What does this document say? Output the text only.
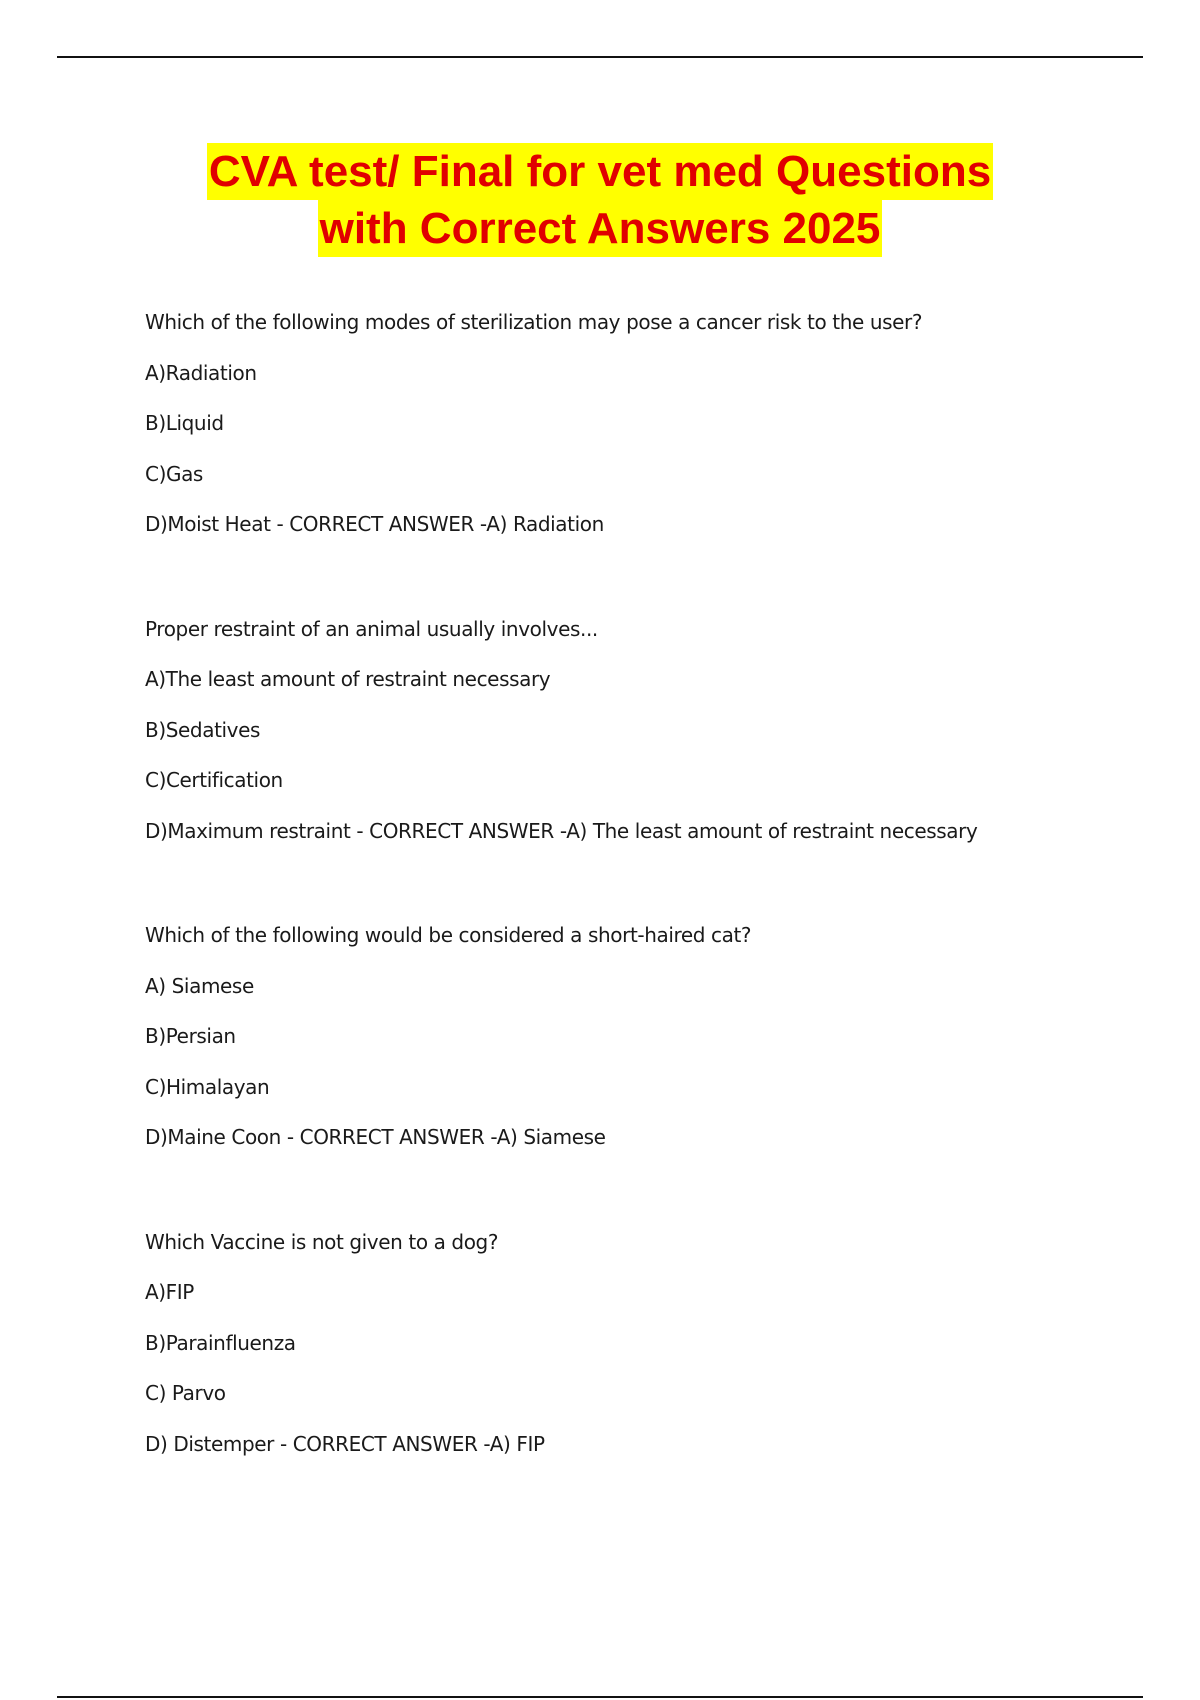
CVA test/ Final for vet med Questions
with Correct Answers 2025
Which of the following modes of sterilization may pose a cancer risk to the user?
A)Radiation
B)Liquid
C)Gas
D)Moist Heat - CORRECT ANSWER -A) Radiation
Proper restraint of an animal usually involves...
A)The least amount of restraint necessary
B)Sedatives
C)Certification
D)Maximum restraint - CORRECT ANSWER -A) The least amount of restraint necessary
Which of the following would be considered a short-haired cat?
A) Siamese
B)Persian
C)Himalayan
D)Maine Coon - CORRECT ANSWER -A) Siamese
Which Vaccine is not given to a dog?
A)FIP
B)Parainfluenza
C) Parvo
D) Distemper - CORRECT ANSWER -A) FIP
